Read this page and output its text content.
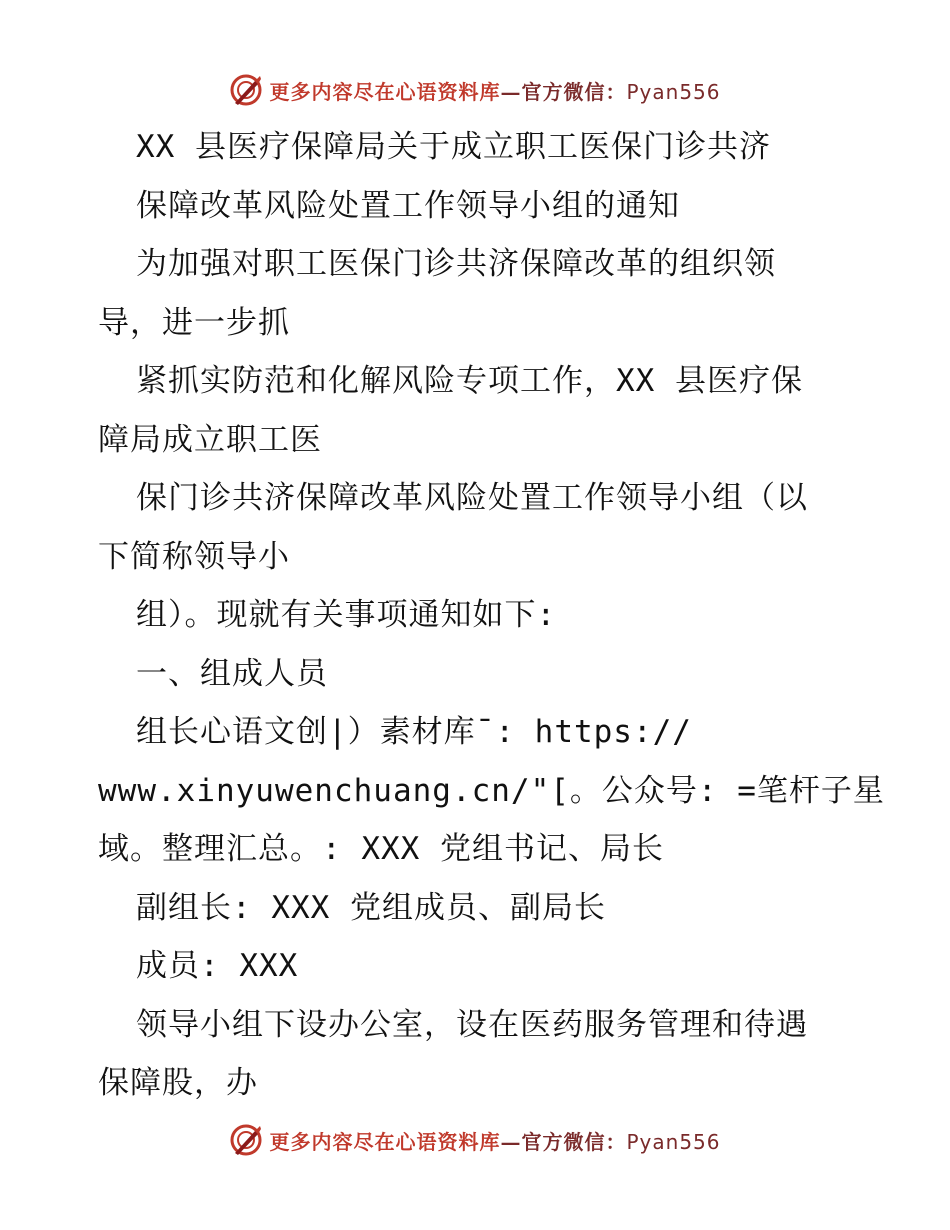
更多内容尽在心语资料库—官方微信：Pyan556
XX 县医疗保障局关于成立职工医保门诊共济
保障改革风险处置工作领导小组的通知
为加强对职工医保门诊共济保障改革的组织领
导，进一步抓
紧抓实防范和化解风险专项工作，XX 县医疗保
障局成立职工医
保门诊共济保障改革风险处置工作领导小组（以
下简称领导小
组）。现就有关事项通知如下:
一、组成人员
组长心语文创|）素材库¯: https://
www.xinyuwenchuang.cn/"[。公众号: =笔杆子星
域。整理汇总。: XXX 党组书记、局长
副组长: XXX 党组成员、副局长
成员: XXX
领导小组下设办公室，设在医药服务管理和待遇
保障股，办
更多内容尽在心语资料库—官方微信：Pyan556
